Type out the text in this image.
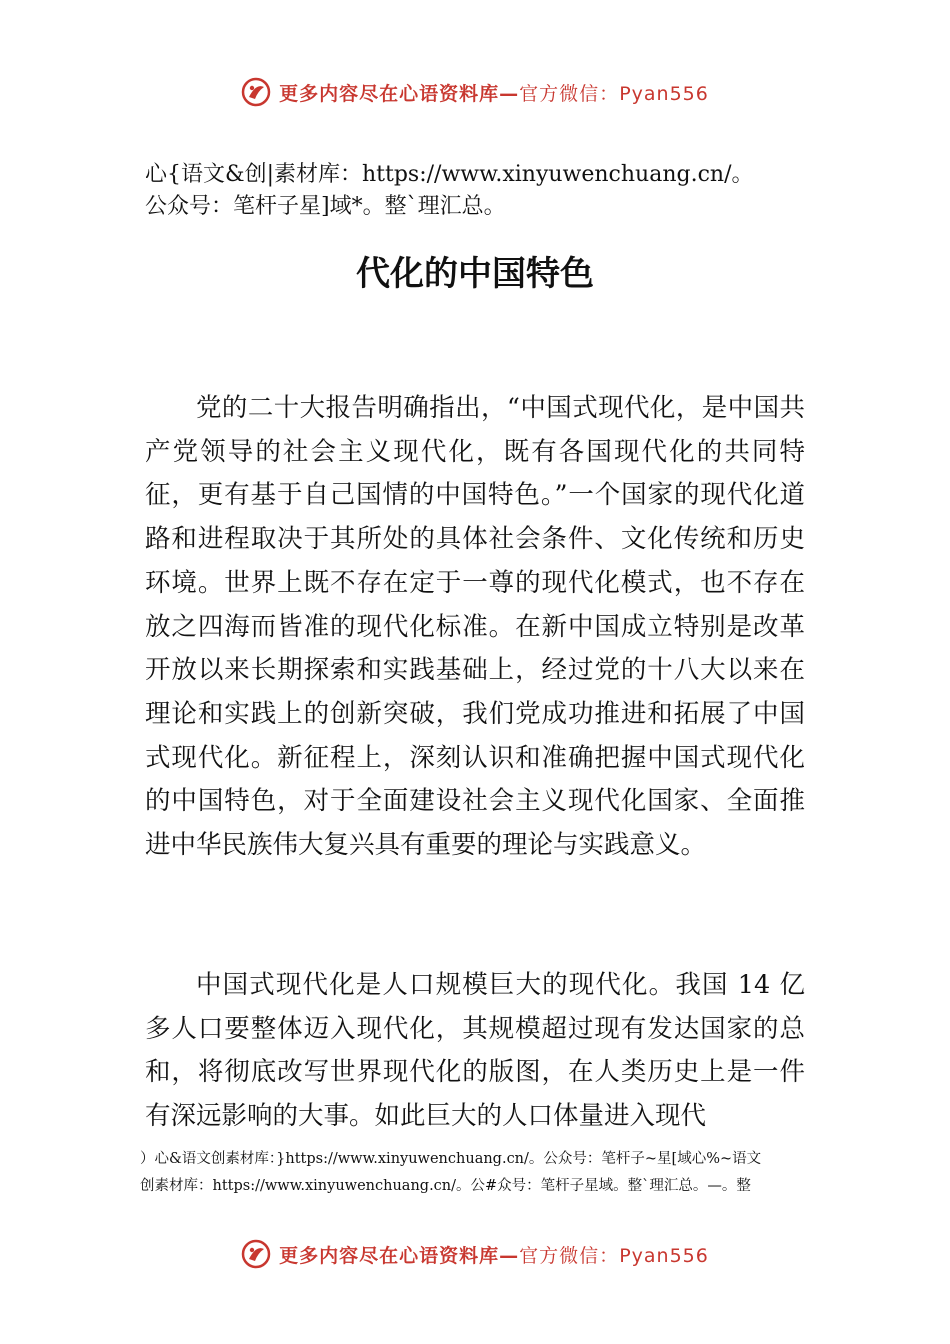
更多内容尽在心语资料库—官方微信：Pyan556
心{语文&创|素材库：https://www.xinyuwenchuang.cn/。
公众号：笔杆子星]域*。整`理汇总。
代化的中国特色
党的二十大报告明确指出，“中国式现代化，是中国共产党领导的社会主义现代化，既有各国现代化的共同特征，更有基于自己国情的中国特色。”一个国家的现代化道路和进程取决于其所处的具体社会条件、文化传统和历史环境。世界上既不存在定于一尊的现代化模式，也不存在放之四海而皆准的现代化标准。在新中国成立特别是改革开放以来长期探索和实践基础上，经过党的十八大以来在理论和实践上的创新突破，我们党成功推进和拓展了中国式现代化。新征程上，深刻认识和准确把握中国式现代化的中国特色，对于全面建设社会主义现代化国家、全面推进中华民族伟大复兴具有重要的理论与实践意义。
中国式现代化是人口规模巨大的现代化。我国 14 亿多人口要整体迈入现代化，其规模超过现有发达国家的总和，将彻底改写世界现代化的版图，在人类历史上是一件有深远影响的大事。如此巨大的人口体量进入现代
）心&语文创素材库：}https://www.xinyuwenchuang.cn/。公众号：笔杆子~星[域心%~语文
创素材库：https://www.xinyuwenchuang.cn/。公#众号：笔杆子星域。整`理汇总。—。整
更多内容尽在心语资料库—官方微信：Pyan556
